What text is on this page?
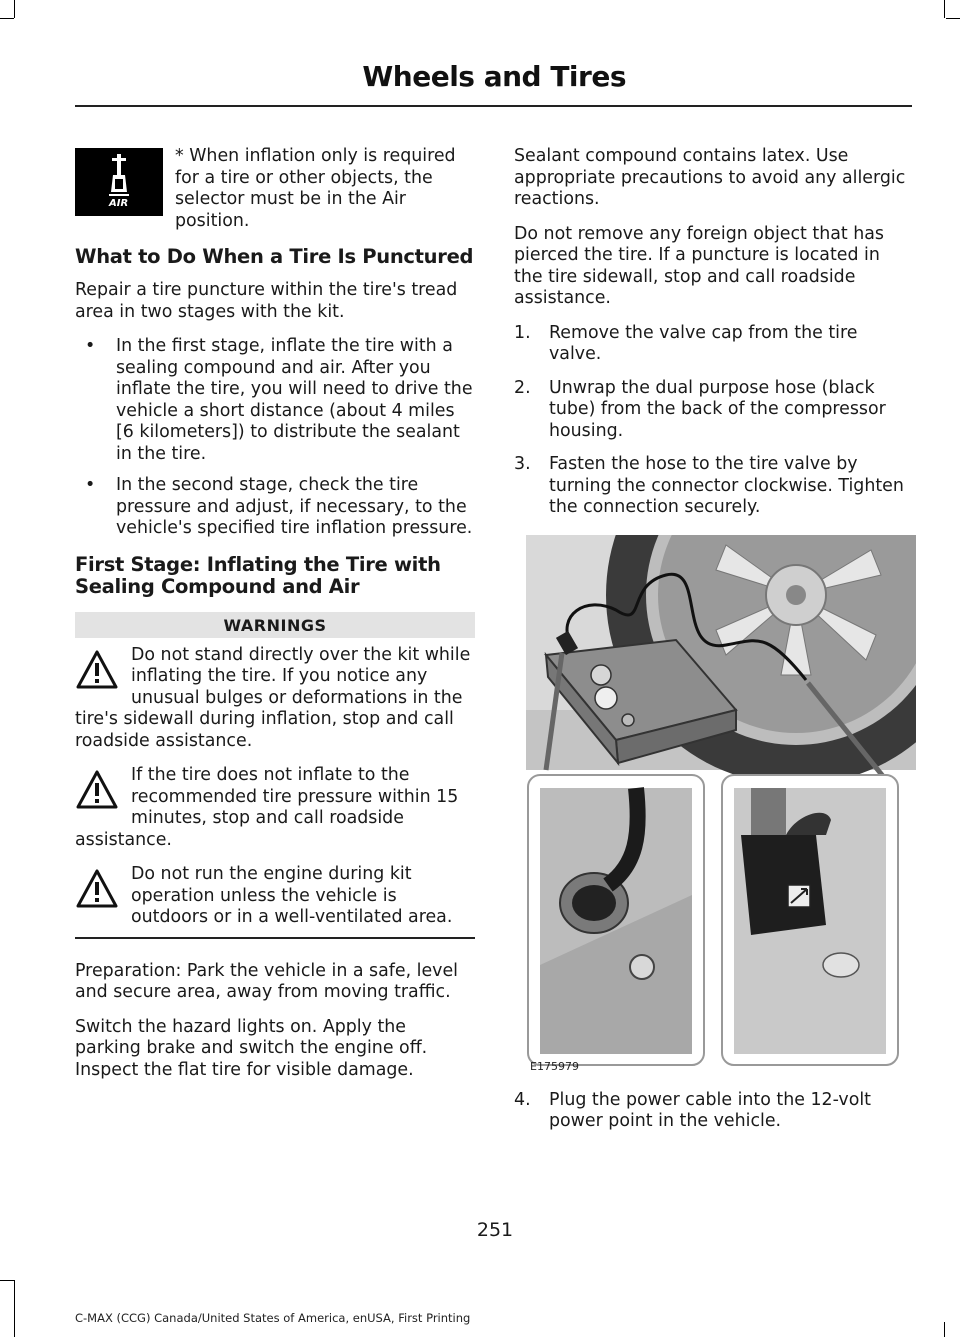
Wheels and Tires

AIR
* When inflation only is required for a tire or other objects, the selector must be in the Air position.

What to Do When a Tire Is Punctured

Repair a tire puncture within the tire's tread area in two stages with the kit.

• In the first stage, inflate the tire with a sealing compound and air. After you inflate the tire, you will need to drive the vehicle a short distance (about 4 miles [6 kilometers]) to distribute the sealant in the tire.
• In the second stage, check the tire pressure and adjust, if necessary, to the vehicle's specified tire inflation pressure.
First Stage: Inflating the Tire with Sealing Compound and Air
WARNINGS
Do not stand directly over the kit while inflating the tire. If you notice any unusual bulges or deformations in the tire's sidewall during inflation, stop and call roadside assistance.
If the tire does not inflate to the recommended tire pressure within 15 minutes, stop and call roadside assistance.
Do not run the engine during kit operation unless the vehicle is outdoors or in a well-ventilated area.

Preparation: Park the vehicle in a safe, level and secure area, away from moving traffic.

Switch the hazard lights on. Apply the parking brake and switch the engine off. Inspect the flat tire for visible damage.

Sealant compound contains latex. Use appropriate precautions to avoid any allergic reactions.

Do not remove any foreign object that has pierced the tire. If a puncture is located in the tire sidewall, stop and call roadside assistance.

1. Remove the valve cap from the tire valve.
2. Unwrap the dual purpose hose (black tube) from the back of the compressor housing.
3. Fasten the hose to the tire valve by turning the connector clockwise. Tighten the connection securely.
E175979
4. Plug the power cable into the 12-volt power point in the vehicle.
251
C-MAX (CCG) Canada/United States of America, enUSA, First Printing
